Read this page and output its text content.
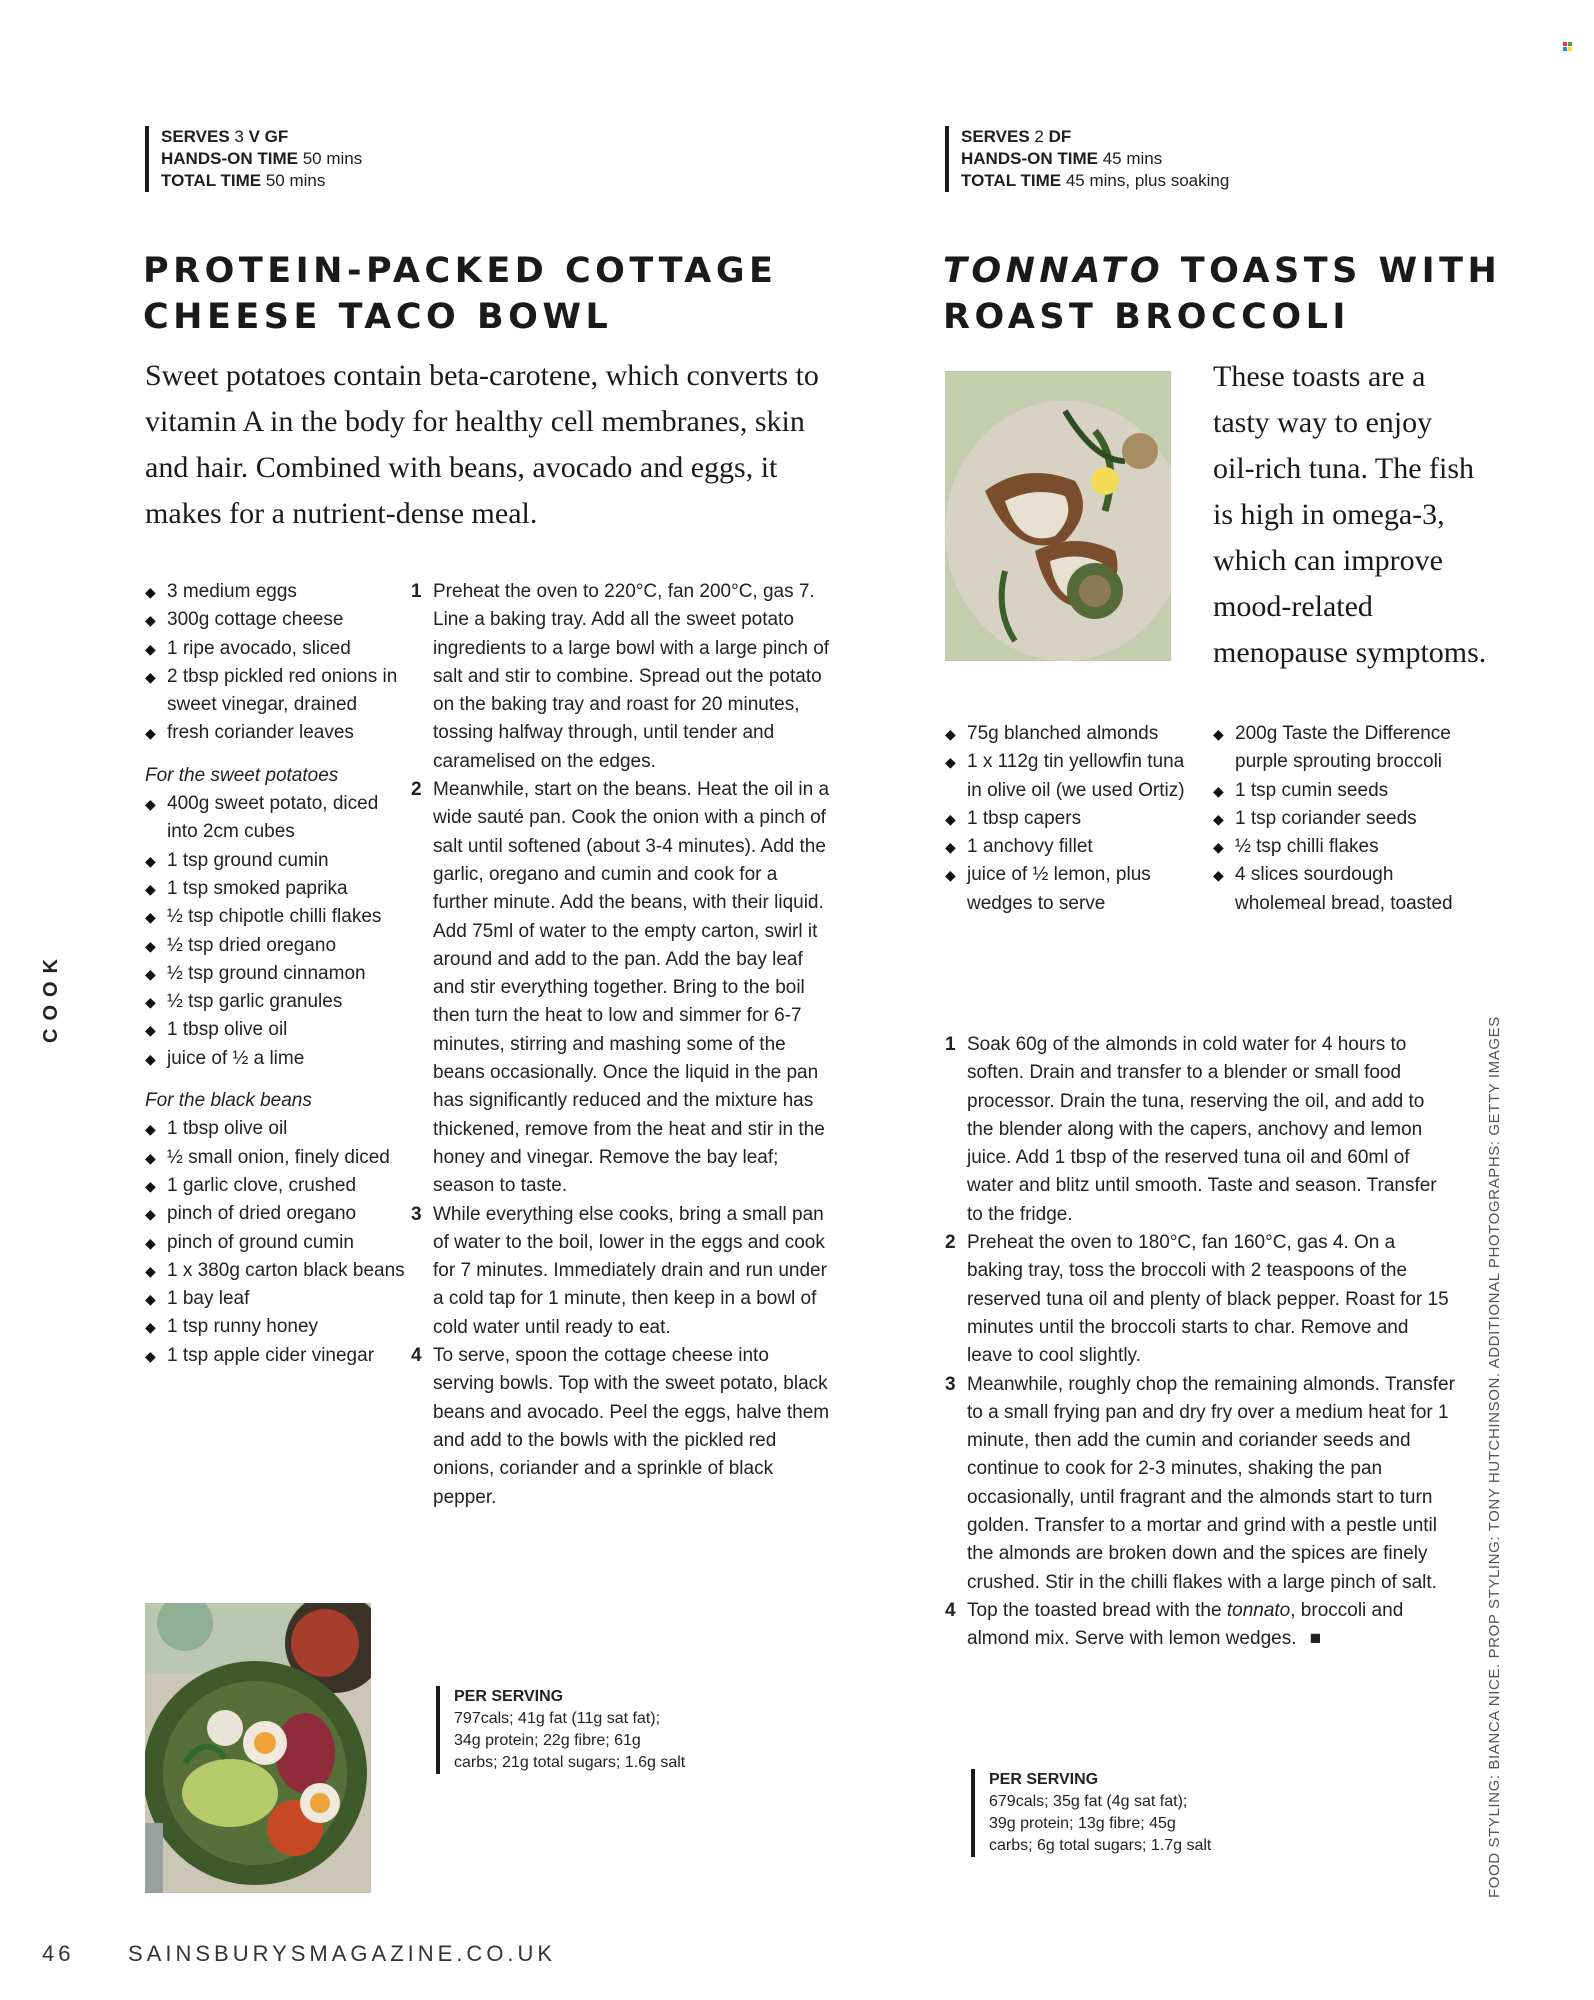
SERVES 3 V GF
HANDS-ON TIME 50 mins
TOTAL TIME 50 mins
PROTEIN-PACKED COTTAGE
CHEESE TACO BOWL
Sweet potatoes contain beta-carotene, which converts to vitamin A in the body for healthy cell membranes, skin and hair. Combined with beans, avocado and eggs, it makes for a nutrient-dense meal.
◆ 3 medium eggs
◆ 300g cottage cheese
◆ 1 ripe avocado, sliced
◆ 2 tbsp pickled red onions in sweet vinegar, drained
◆ fresh coriander leaves
For the sweet potatoes
◆ 400g sweet potato, diced into 2cm cubes
◆ 1 tsp ground cumin
◆ 1 tsp smoked paprika
◆ ½ tsp chipotle chilli flakes
◆ ½ tsp dried oregano
◆ ½ tsp ground cinnamon
◆ ½ tsp garlic granules
◆ 1 tbsp olive oil
◆ juice of ½ a lime
For the black beans
◆ 1 tbsp olive oil
◆ ½ small onion, finely diced
◆ 1 garlic clove, crushed
◆ pinch of dried oregano
◆ pinch of ground cumin
◆ 1 x 380g carton black beans
◆ 1 bay leaf
◆ 1 tsp runny honey
◆ 1 tsp apple cider vinegar
1 Preheat the oven to 220°C, fan 200°C, gas 7. Line a baking tray. Add all the sweet potato ingredients to a large bowl with a large pinch of salt and stir to combine. Spread out the potato on the baking tray and roast for 20 minutes, tossing halfway through, until tender and caramelised on the edges.
2 Meanwhile, start on the beans. Heat the oil in a wide sauté pan. Cook the onion with a pinch of salt until softened (about 3-4 minutes). Add the garlic, oregano and cumin and cook for a further minute. Add the beans, with their liquid. Add 75ml of water to the empty carton, swirl it around and add to the pan. Add the bay leaf and stir everything together. Bring to the boil then turn the heat to low and simmer for 6-7 minutes, stirring and mashing some of the beans occasionally. Once the liquid in the pan has significantly reduced and the mixture has thickened, remove from the heat and stir in the honey and vinegar. Remove the bay leaf; season to taste.
3 While everything else cooks, bring a small pan of water to the boil, lower in the eggs and cook for 7 minutes. Immediately drain and run under a cold tap for 1 minute, then keep in a bowl of cold water until ready to eat.
4 To serve, spoon the cottage cheese into serving bowls. Top with the sweet potato, black beans and avocado. Peel the eggs, halve them and add to the bowls with the pickled red onions, coriander and a sprinkle of black pepper.
PER SERVING
797cals; 41g fat (11g sat fat);
34g protein; 22g fibre; 61g
carbs; 21g total sugars; 1.6g salt
SERVES 2 DF
HANDS-ON TIME 45 mins
TOTAL TIME 45 mins, plus soaking
TONNATO TOASTS WITH
ROAST BROCCOLI
These toasts are a
tasty way to enjoy
oil-rich tuna. The fish
is high in omega-3,
which can improve
mood-related
menopause symptoms.
◆ 75g blanched almonds
◆ 1 x 112g tin yellowfin tuna in olive oil (we used Ortiz)
◆ 1 tbsp capers
◆ 1 anchovy fillet
◆ juice of ½ lemon, plus wedges to serve
◆ 200g Taste the Difference purple sprouting broccoli
◆ 1 tsp cumin seeds
◆ 1 tsp coriander seeds
◆ ½ tsp chilli flakes
◆ 4 slices sourdough wholemeal bread, toasted
1 Soak 60g of the almonds in cold water for 4 hours to soften. Drain and transfer to a blender or small food processor. Drain the tuna, reserving the oil, and add to the blender along with the capers, anchovy and lemon juice. Add 1 tbsp of the reserved tuna oil and 60ml of water and blitz until smooth. Taste and season. Transfer to the fridge.
2 Preheat the oven to 180°C, fan 160°C, gas 4. On a baking tray, toss the broccoli with 2 teaspoons of the reserved tuna oil and plenty of black pepper. Roast for 15 minutes until the broccoli starts to char. Remove and leave to cool slightly.
3 Meanwhile, roughly chop the remaining almonds. Transfer to a small frying pan and dry fry over a medium heat for 1 minute, then add the cumin and coriander seeds and continue to cook for 2-3 minutes, shaking the pan occasionally, until fragrant and the almonds start to turn golden. Transfer to a mortar and grind with a pestle until the almonds are broken down and the spices are finely crushed. Stir in the chilli flakes with a large pinch of salt.
4 Top the toasted bread with the tonnato, broccoli and almond mix. Serve with lemon wedges. ■
PER SERVING
679cals; 35g fat (4g sat fat);
39g protein; 13g fibre; 45g
carbs; 6g total sugars; 1.7g salt
COOK
FOOD STYLING: BIANCA NICE. PROP STYLING: TONY HUTCHINSON. ADDITIONAL PHOTOGRAPHS: GETTY IMAGES
46 SAINSBURYSMAGAZINE.CO.UK
